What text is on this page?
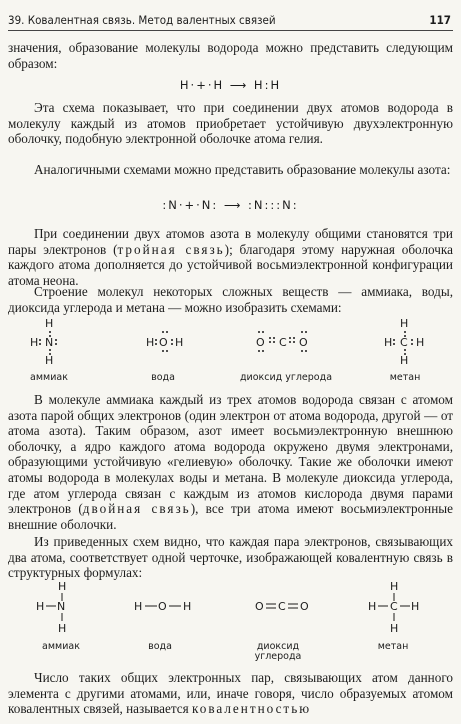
39. Ковалентная связь. Метод валентных связей	117

значения, образование молекулы водорода можно представить следующим образом:

H·+·H ⟶ H:H

Эта схема показывает, что при соединении двух атомов водорода в молекулу каждый из атомов приобретает устойчивую двухэлектронную оболочку, подобную электронной оболочке атома гелия.

Аналогичными схемами можно представить образование молекулы азота:

:N·+·N: ⟶ :N:::N:

При соединении двух атомов азота в молекулу общими становятся три пары электронов (тройная связь); благодаря этому наружная оболочка каждого атома дополняется до устойчивой восьмиэлектронной конфигурации атома неона.

Строение молекул некоторых сложных веществ — аммиака, воды, диоксида углерода и метана — можно изобразить схемами:

H
H N
H
H O H	O C O
H
H C H
H
аммиак	вода	диоксид углерода	метан

В молекуле аммиака каждый из трех атомов водорода связан с атомом азота парой общих электронов (один электрон от атома водорода, другой — от атома азота). Таким образом, азот имеет восьмиэлектронную внешнюю оболочку, а ядро каждого атома водорода окружено двумя электронами, образующими устойчивую «гелиевую» оболочку. Такие же оболочки имеют атомы водорода в молекулах воды и метана. В молекуле диоксида углерода, где атом углерода связан с каждым из атомов кислорода двумя парами электронов (двойная связь), все три атома имеют восьмиэлектронные внешние оболочки.

Из приведенных схем видно, что каждая пара электронов, связывающих два атома, соответствует одной черточке, изображающей ковалентную связь в структурных формулах:

H
H N
H
H O H	O C O
H
H C H
H
аммиак	вода	диоксид
углерода
метан

Число таких общих электронных пар, связывающих атом данного элемента с другими атомами, или, иначе говоря, число образуемых атомом ковалентных связей, называется ковалентностью
